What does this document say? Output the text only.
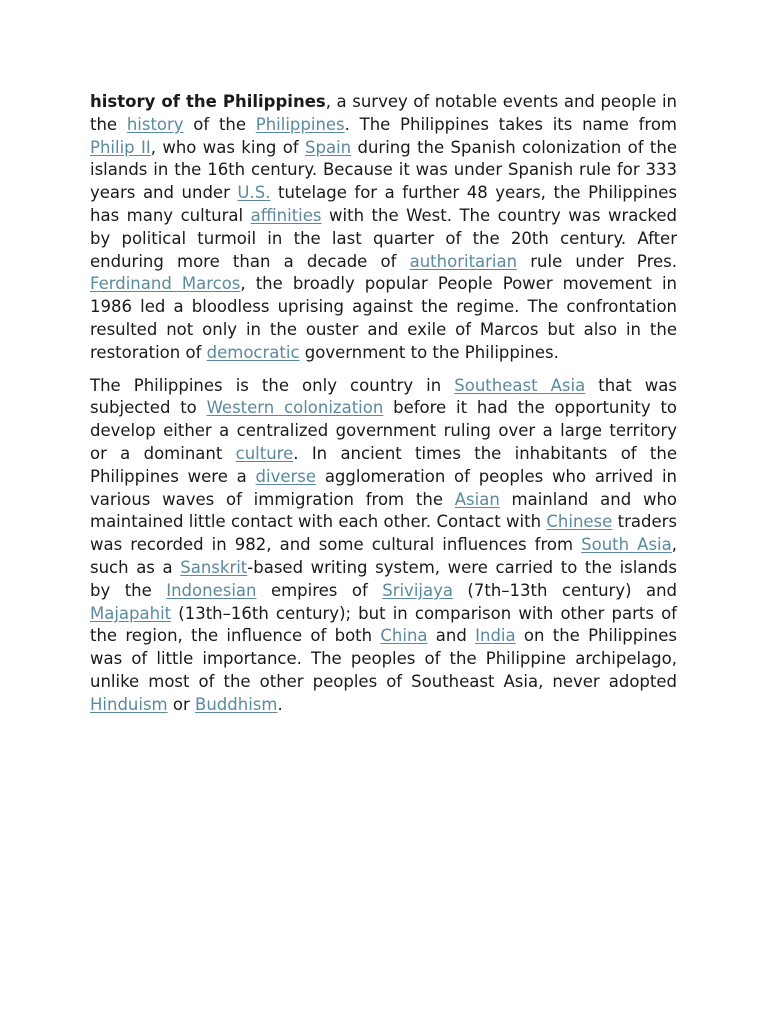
history of the Philippines, a survey of notable events and people in the history of the Philippines. The Philippines takes its name from Philip II, who was king of Spain during the Spanish colonization of the islands in the 16th century. Because it was under Spanish rule for 333 years and under U.S. tutelage for a further 48 years, the Philippines has many cultural affinities with the West. The country was wracked by political turmoil in the last quarter of the 20th century. After enduring more than a decade of authoritarian rule under Pres. Ferdinand Marcos, the broadly popular People Power movement in 1986 led a bloodless uprising against the regime. The confrontation resulted not only in the ouster and exile of Marcos but also in the restoration of democratic government to the Philippines.

The Philippines is the only country in Southeast Asia that was subjected to Western colonization before it had the opportunity to develop either a centralized government ruling over a large territory or a dominant culture. In ancient times the inhabitants of the Philippines were a diverse agglomeration of peoples who arrived in various waves of immigration from the Asian mainland and who maintained little contact with each other. Contact with Chinese traders was recorded in 982, and some cultural influences from South Asia, such as a Sanskrit-based writing system, were carried to the islands by the Indonesian empires of Srivijaya (7th–13th century) and Majapahit (13th–16th century); but in comparison with other parts of the region, the influence of both China and India on the Philippines was of little importance. The peoples of the Philippine archipelago, unlike most of the other peoples of Southeast Asia, never adopted Hinduism or Buddhism.
